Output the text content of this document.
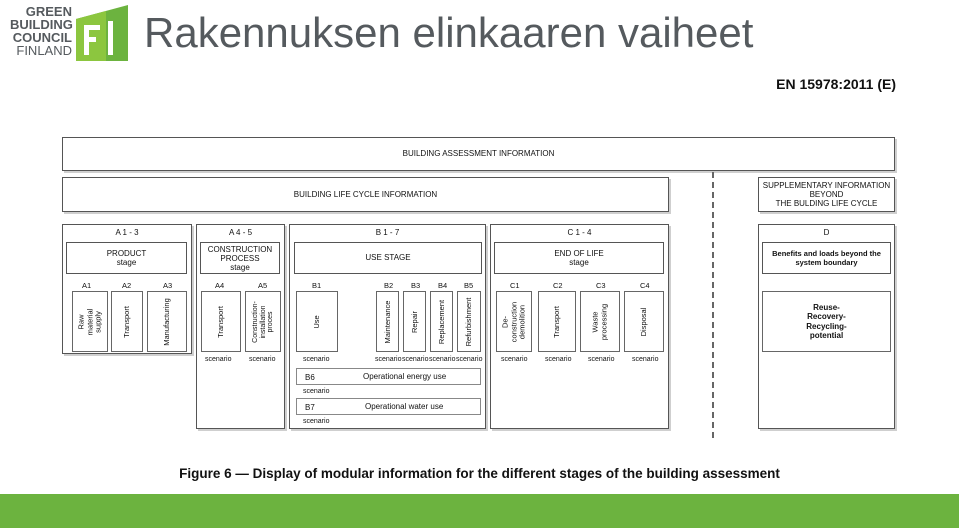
GREEN
BUILDING
COUNCIL
FINLAND Rakennuksen elinkaaren vaiheet
EN 15978:2011 (E)
BUILDING ASSESSMENT INFORMATION
BUILDING LIFE CYCLE INFORMATION
SUPPLEMENTARY INFORMATION
BEYOND
THE BULDING LIFE CYCLE
A 1 - 3	A 4 - 5	B 1 - 7	C 1 - 4	D
PRODUCT
stage
CONSTRUCTION
PROCESS
stage
USE STAGE	END OF LIFE
stage
Benefits and loads beyond the
system boundary
A1	A2	A3	A4	A5	B1	B2 B3 B4 B5	C1	C2	C3	C4
Raw material
supply	Transport	Manufacturing	Transport	Construction-
installation
proces	Use	Maintenance Repair Replacement Refurbishment	De-construction
demolition	Transport	Waste
processing	Disposal
Reuse-
Recovery-
Recycling-
potential
scenario	scenario	scenario	scenario scenario scenario scenario	scenario	scenario scenario	scenario
B6	Operational energy use
scenario
B7	Operational water use
scenario
Figure 6 — Display of modular information for the different stages of the building assessment
